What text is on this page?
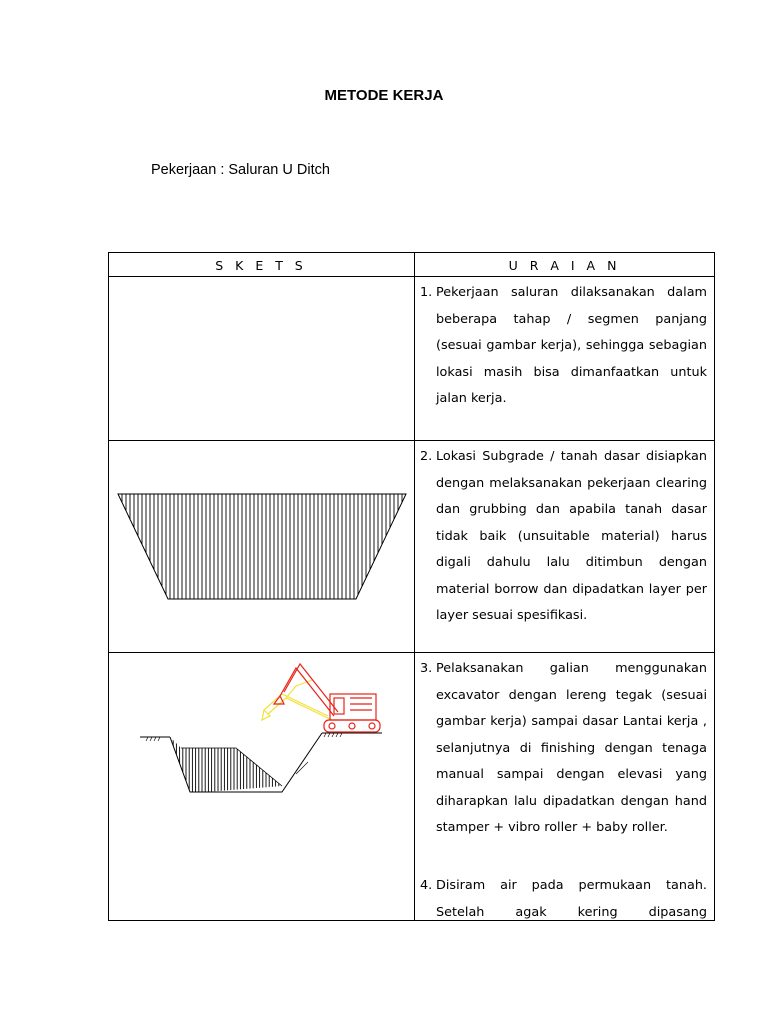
METODE KERJA
Pekerjaan : Saluran U Ditch
S K E T S	U R A I A N
1. Pekerjaan saluran dilaksanakan dalam beberapa tahap / segmen panjang (sesuai gambar kerja), sehingga sebagian lokasi masih bisa dimanfaatkan untuk jalan kerja.
2. Lokasi Subgrade / tanah dasar disiapkan dengan melaksanakan pekerjaan clearing dan grubbing dan apabila tanah dasar tidak baik (unsuitable material) harus digali dahulu lalu ditimbun dengan material borrow dan dipadatkan layer per layer sesuai spesifikasi.
3. Pelaksanakan galian menggunakan excavator dengan lereng tegak (sesuai gambar kerja) sampai dasar Lantai kerja , selanjutnya di finishing dengan tenaga manual sampai dengan elevasi yang diharapkan lalu dipadatkan dengan hand stamper + vibro roller + baby roller.
4. Disiram air pada permukaan tanah. Setelah agak kering dipasang
